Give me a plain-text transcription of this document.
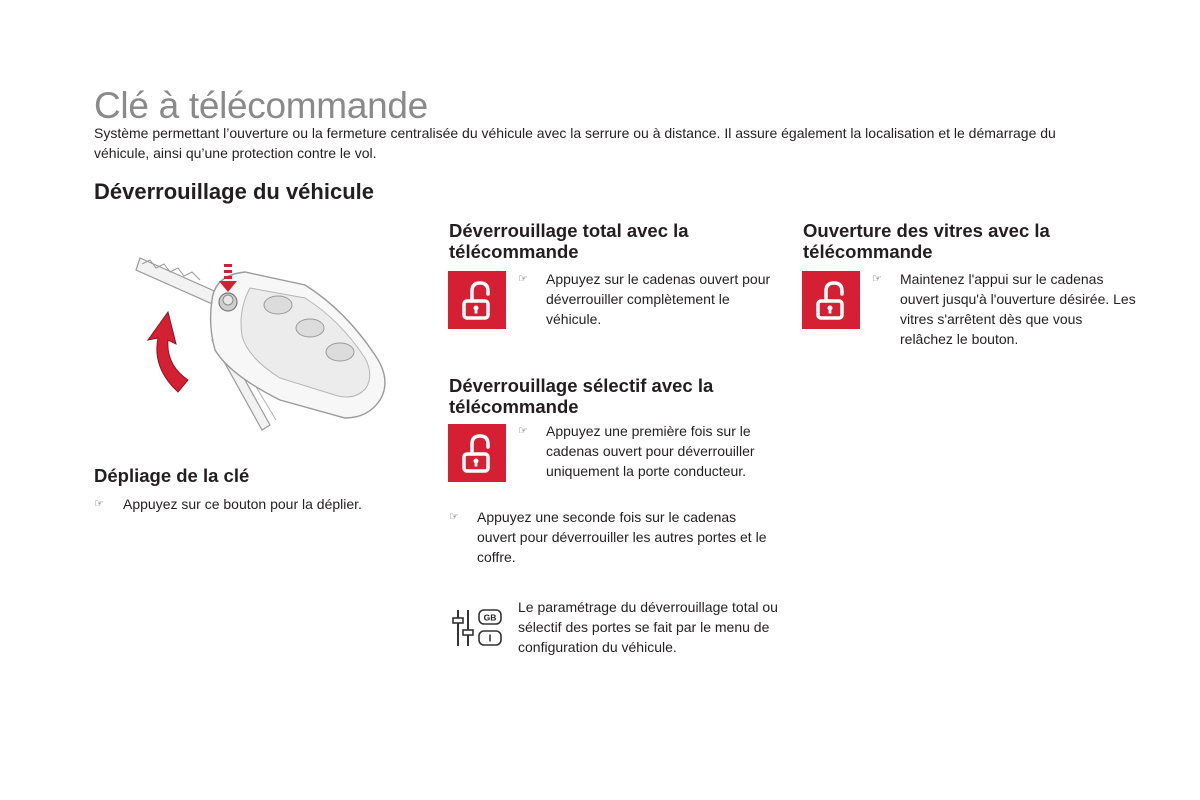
Clé à télécommande

Système permettant l’ouverture ou la fermeture centralisée du véhicule avec la serrure ou à distance. Il assure également la localisation et le démarrage du véhicule, ainsi qu’une protection contre le vol.

Déverrouillage du véhicule
Dépliage de la clé
☞ Appuyez sur ce bouton pour la déplier.

Déverrouillage total avec la télécommande
☞ Appuyez sur le cadenas ouvert pour déverrouiller complètement le véhicule.

Déverrouillage sélectif avec la télécommande
☞ Appuyez une première fois sur le cadenas ouvert pour déverrouiller uniquement la porte conducteur.

☞ Appuyez une seconde fois sur le cadenas ouvert pour déverrouiller les autres portes et le coffre.

GB
I

Le paramétrage du déverrouillage total ou sélectif des portes se fait par le menu de configuration du véhicule.

Ouverture des vitres avec la télécommande
☞ Maintenez l'appui sur le cadenas ouvert jusqu'à l'ouverture désirée. Les vitres s'arrêtent dès que vous relâchez le bouton.
